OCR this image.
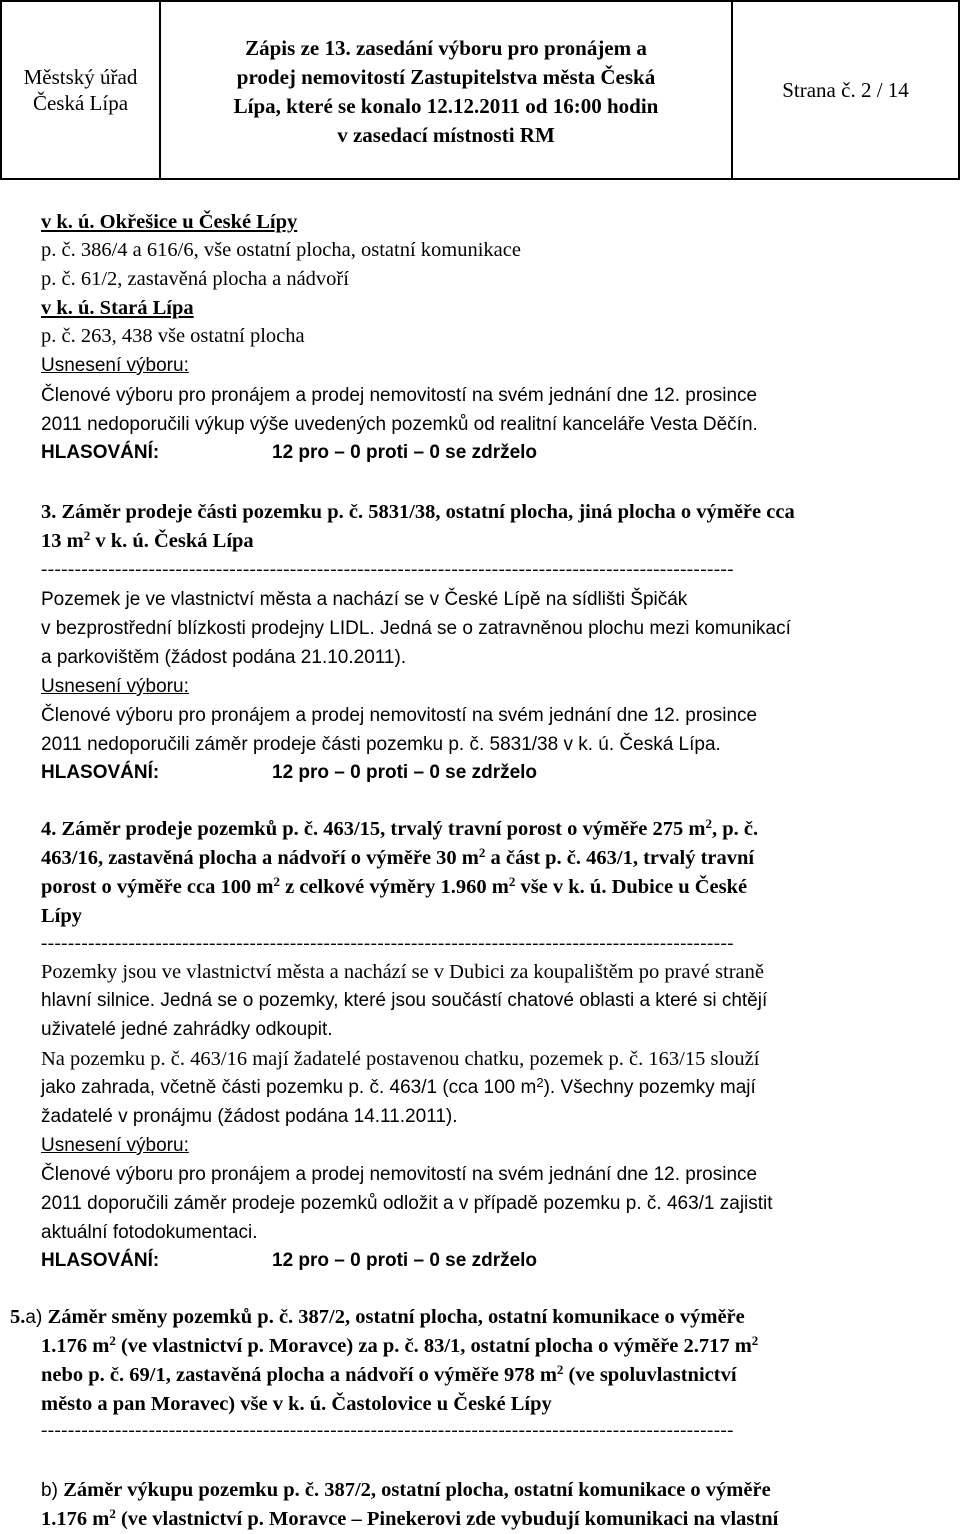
Městský úřad
Česká Lípa

Zápis ze 13. zasedání výboru pro pronájem a
prodej nemovitostí Zastupitelstva města Česká
Lípa, které se konalo 12.12.2011 od 16:00 hodin
v zasedací místnosti RM
	Strana č. 2 / 14
v k. ú. Okřešice u České Lípy
p. č. 386/4 a 616/6, vše ostatní plocha, ostatní komunikace
p. č. 61/2, zastavěná plocha a nádvoří
v k. ú. Stará Lípa
p. č. 263, 438 vše ostatní plocha
Usnesení výboru:
Členové výboru pro pronájem a prodej nemovitostí na svém jednání dne 12. prosince
2011 nedoporučili výkup výše uvedených pozemků od realitní kanceláře Vesta Děčín.
HLASOVÁNÍ:	12 pro – 0 proti – 0 se zdrželo
3. Záměr prodeje části pozemku p. č. 5831/38, ostatní plocha, jiná plocha o výměře cca
13 $m^2$ v k. ú. Česká Lípa
-------------------------------------------------------------------------------------------------------
Pozemek je ve vlastnictví města a nachází se v České Lípě na sídlišti Špičák
v bezprostřední blízkosti prodejny LIDL. Jedná se o zatravněnou plochu mezi komunikací
a parkovištěm (žádost podána 21.10.2011).
Usnesení výboru:
Členové výboru pro pronájem a prodej nemovitostí na svém jednání dne 12. prosince
2011 nedoporučili záměr prodeje části pozemku p. č. 5831/38 v k. ú. Česká Lípa.
HLASOVÁNÍ:	12 pro – 0 proti – 0 se zdrželo
4. Záměr prodeje pozemků p. č. 463/15, trvalý travní porost o výměře 275 $m^2$, p. č.
463/16, zastavěná plocha a nádvoří o výměře 30 $m^2$ a část p. č. 463/1, trvalý travní
porost o výměře cca 100 $m^2$ z celkové výměry 1.960 $m^2$ vše v k. ú. Dubice u České
Lípy
-------------------------------------------------------------------------------------------------------
Pozemky jsou ve vlastnictví města a nachází se v Dubici za koupalištěm po pravé straně
hlavní silnice. Jedná se o pozemky, které jsou součástí chatové oblasti a které si chtějí
uživatelé jedné zahrádky odkoupit.
Na pozemku p. č. 463/16 mají žadatelé postavenou chatku, pozemek p. č. 163/15 slouží
jako zahrada, včetně části pozemku p. č. 463/1 (cca 100 $m^2$). Všechny pozemky mají
žadatelé v pronájmu (žádost podána 14.11.2011).
Usnesení výboru:
Členové výboru pro pronájem a prodej nemovitostí na svém jednání dne 12. prosince
2011 doporučili záměr prodeje pozemků odložit a v případě pozemku p. č. 463/1 zajistit
aktuální fotodokumentaci.
HLASOVÁNÍ:	12 pro – 0 proti – 0 se zdrželo
5.a) Záměr směny pozemků p. č. 387/2, ostatní plocha, ostatní komunikace o výměře
1.176 $m^2$ (ve vlastnictví p. Moravce) za p. č. 83/1, ostatní plocha o výměře 2.717 $m^2$
nebo p. č. 69/1, zastavěná plocha a nádvoří o výměře 978 $m^2$ (ve spoluvlastnictví
město a pan Moravec) vše v k. ú. Častolovice u České Lípy
-------------------------------------------------------------------------------------------------------
b) Záměr výkupu pozemku p. č. 387/2, ostatní plocha, ostatní komunikace o výměře
1.176 $m^2$ (ve vlastnictví p. Moravce – Pinekerovi zde vybudují komunikaci na vlastní
